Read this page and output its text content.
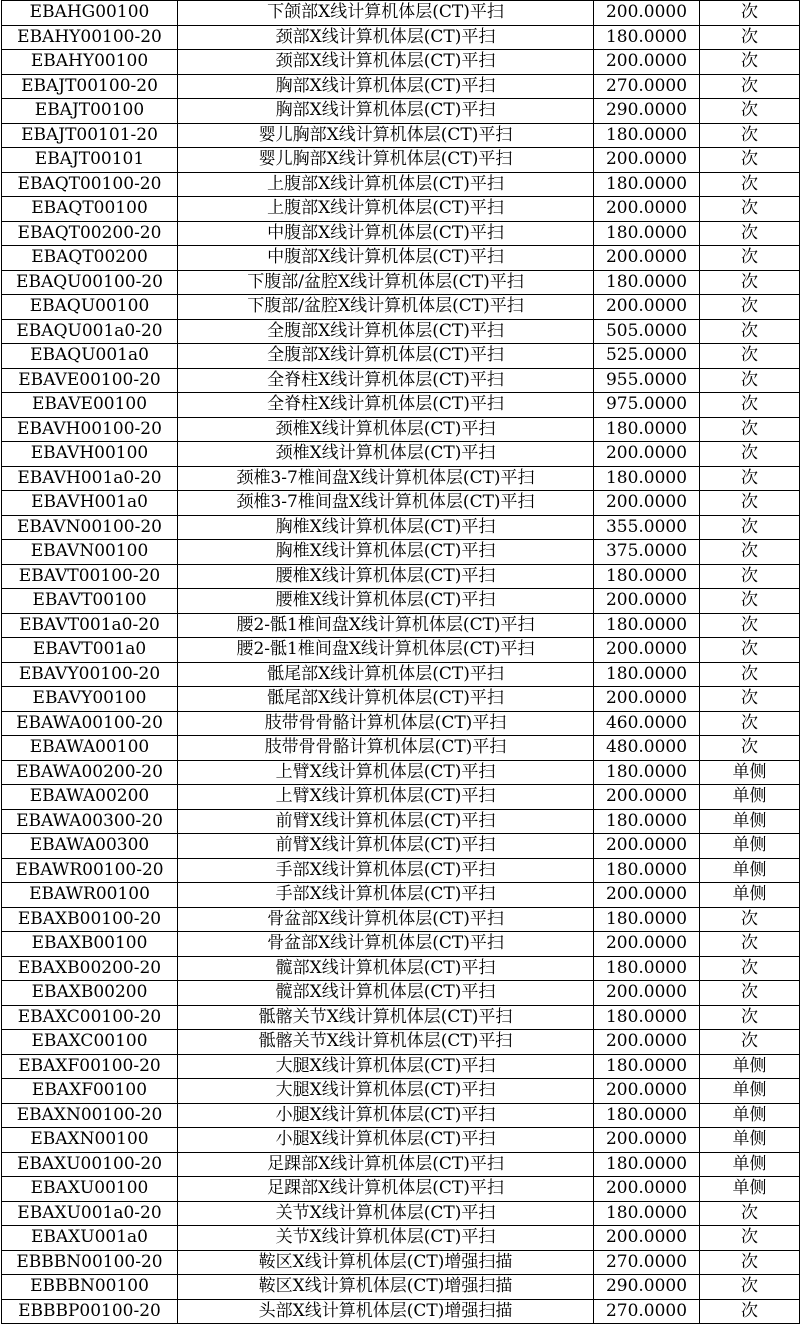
EBAHG00100	下颌部X线计算机体层(CT)平扫	200.0000	次
EBAHY00100-20	颈部X线计算机体层(CT)平扫	180.0000	次
EBAHY00100	颈部X线计算机体层(CT)平扫	200.0000	次
EBAJT00100-20	胸部X线计算机体层(CT)平扫	270.0000	次
EBAJT00100	胸部X线计算机体层(CT)平扫	290.0000	次
EBAJT00101-20	婴儿胸部X线计算机体层(CT)平扫	180.0000	次
EBAJT00101	婴儿胸部X线计算机体层(CT)平扫	200.0000	次
EBAQT00100-20	上腹部X线计算机体层(CT)平扫	180.0000	次
EBAQT00100	上腹部X线计算机体层(CT)平扫	200.0000	次
EBAQT00200-20	中腹部X线计算机体层(CT)平扫	180.0000	次
EBAQT00200	中腹部X线计算机体层(CT)平扫	200.0000	次
EBAQU00100-20	下腹部/盆腔X线计算机体层(CT)平扫	180.0000	次
EBAQU00100	下腹部/盆腔X线计算机体层(CT)平扫	200.0000	次
EBAQU001a0-20	全腹部X线计算机体层(CT)平扫	505.0000	次
EBAQU001a0	全腹部X线计算机体层(CT)平扫	525.0000	次
EBAVE00100-20	全脊柱X线计算机体层(CT)平扫	955.0000	次
EBAVE00100	全脊柱X线计算机体层(CT)平扫	975.0000	次
EBAVH00100-20	颈椎X线计算机体层(CT)平扫	180.0000	次
EBAVH00100	颈椎X线计算机体层(CT)平扫	200.0000	次
EBAVH001a0-20	颈椎3-7椎间盘X线计算机体层(CT)平扫	180.0000	次
EBAVH001a0	颈椎3-7椎间盘X线计算机体层(CT)平扫	200.0000	次
EBAVN00100-20	胸椎X线计算机体层(CT)平扫	355.0000	次
EBAVN00100	胸椎X线计算机体层(CT)平扫	375.0000	次
EBAVT00100-20	腰椎X线计算机体层(CT)平扫	180.0000	次
EBAVT00100	腰椎X线计算机体层(CT)平扫	200.0000	次
EBAVT001a0-20	腰2-骶1椎间盘X线计算机体层(CT)平扫	180.0000	次
EBAVT001a0	腰2-骶1椎间盘X线计算机体层(CT)平扫	200.0000	次
EBAVY00100-20	骶尾部X线计算机体层(CT)平扫	180.0000	次
EBAVY00100	骶尾部X线计算机体层(CT)平扫	200.0000	次
EBAWA00100-20	肢带骨骨骼计算机体层(CT)平扫	460.0000	次
EBAWA00100	肢带骨骨骼计算机体层(CT)平扫	480.0000	次
EBAWA00200-20	上臂X线计算机体层(CT)平扫	180.0000	单侧
EBAWA00200	上臂X线计算机体层(CT)平扫	200.0000	单侧
EBAWA00300-20	前臂X线计算机体层(CT)平扫	180.0000	单侧
EBAWA00300	前臂X线计算机体层(CT)平扫	200.0000	单侧
EBAWR00100-20	手部X线计算机体层(CT)平扫	180.0000	单侧
EBAWR00100	手部X线计算机体层(CT)平扫	200.0000	单侧
EBAXB00100-20	骨盆部X线计算机体层(CT)平扫	180.0000	次
EBAXB00100	骨盆部X线计算机体层(CT)平扫	200.0000	次
EBAXB00200-20	髋部X线计算机体层(CT)平扫	180.0000	次
EBAXB00200	髋部X线计算机体层(CT)平扫	200.0000	次
EBAXC00100-20	骶髂关节X线计算机体层(CT)平扫	180.0000	次
EBAXC00100	骶髂关节X线计算机体层(CT)平扫	200.0000	次
EBAXF00100-20	大腿X线计算机体层(CT)平扫	180.0000	单侧
EBAXF00100	大腿X线计算机体层(CT)平扫	200.0000	单侧
EBAXN00100-20	小腿X线计算机体层(CT)平扫	180.0000	单侧
EBAXN00100	小腿X线计算机体层(CT)平扫	200.0000	单侧
EBAXU00100-20	足踝部X线计算机体层(CT)平扫	180.0000	单侧
EBAXU00100	足踝部X线计算机体层(CT)平扫	200.0000	单侧
EBAXU001a0-20	关节X线计算机体层(CT)平扫	180.0000	次
EBAXU001a0	关节X线计算机体层(CT)平扫	200.0000	次
EBBBN00100-20	鞍区X线计算机体层(CT)增强扫描	270.0000	次
EBBBN00100	鞍区X线计算机体层(CT)增强扫描	290.0000	次
EBBBP00100-20	头部X线计算机体层(CT)增强扫描	270.0000	次
